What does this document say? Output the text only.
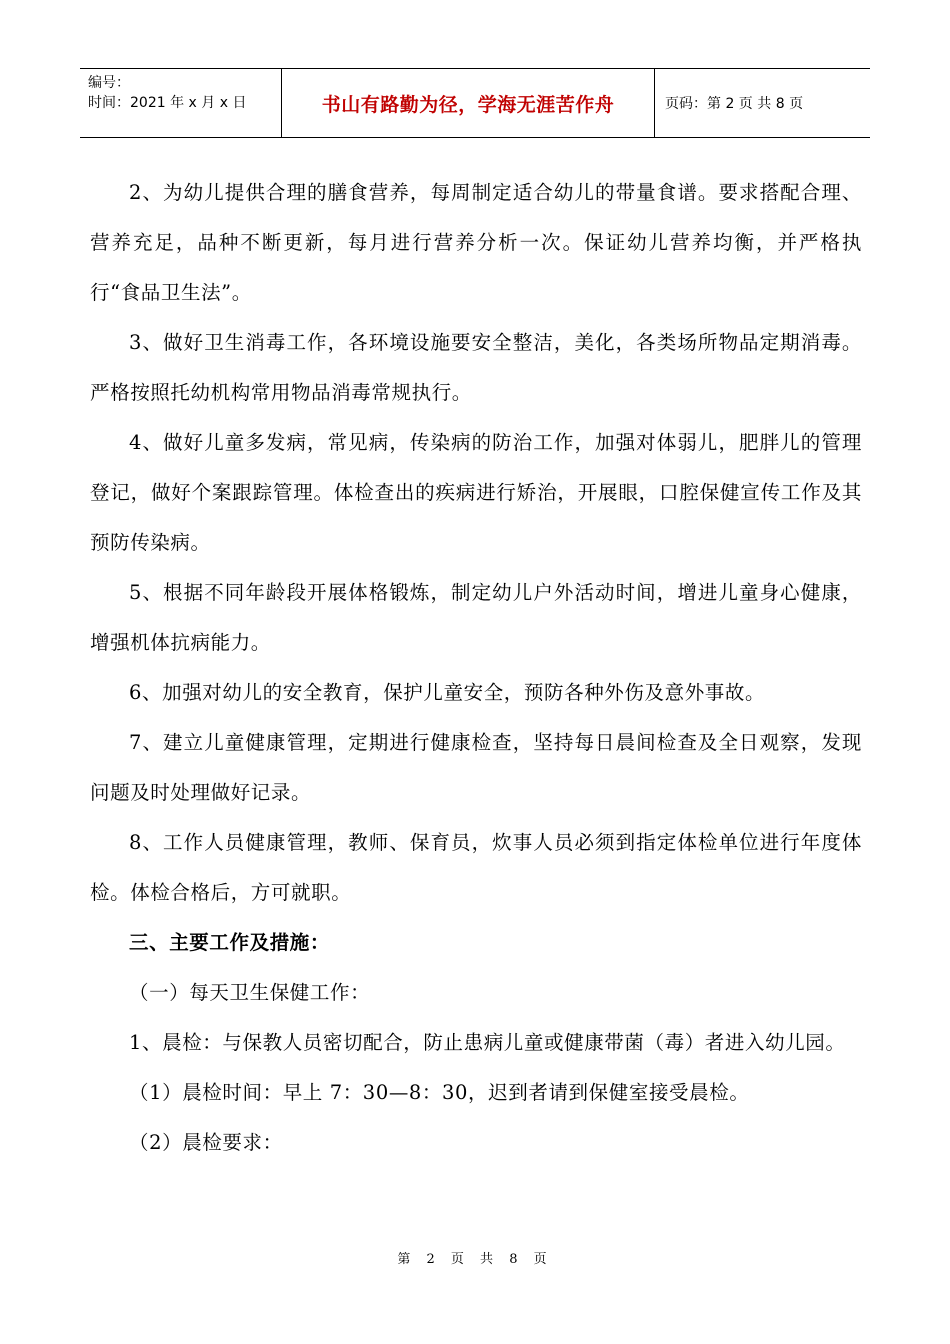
编号：
时间：2021 年 x 月 x 日	书山有路勤为径，学海无涯苦作舟	页码：第 2 页 共 8 页

2、为幼儿提供合理的膳食营养，每周制定适合幼儿的带量食谱。要求搭配合理、营养充足，品种不断更新，每月进行营养分析一次。保证幼儿营养均衡，并严格执行“食品卫生法”。

3、做好卫生消毒工作，各环境设施要安全整洁，美化，各类场所物品定期消毒。严格按照托幼机构常用物品消毒常规执行。

4、做好儿童多发病，常见病，传染病的防治工作，加强对体弱儿，肥胖儿的管理登记，做好个案跟踪管理。体检查出的疾病进行矫治，开展眼，口腔保健宣传工作及其预防传染病。

5、根据不同年龄段开展体格锻炼，制定幼儿户外活动时间，增进儿童身心健康，增强机体抗病能力。

6、加强对幼儿的安全教育，保护儿童安全，预防各种外伤及意外事故。

7、建立儿童健康管理，定期进行健康检查，坚持每日晨间检查及全日观察，发现问题及时处理做好记录。

8、工作人员健康管理，教师、保育员，炊事人员必须到指定体检单位进行年度体检。体检合格后，方可就职。

三、主要工作及措施：

（一）每天卫生保健工作：

1、晨检：与保教人员密切配合，防止患病儿童或健康带菌（毒）者进入幼儿园。

（1）晨检时间：早上 7：30—8：30，迟到者请到保健室接受晨检。

（2）晨检要求：

第 2 页 共 8 页
